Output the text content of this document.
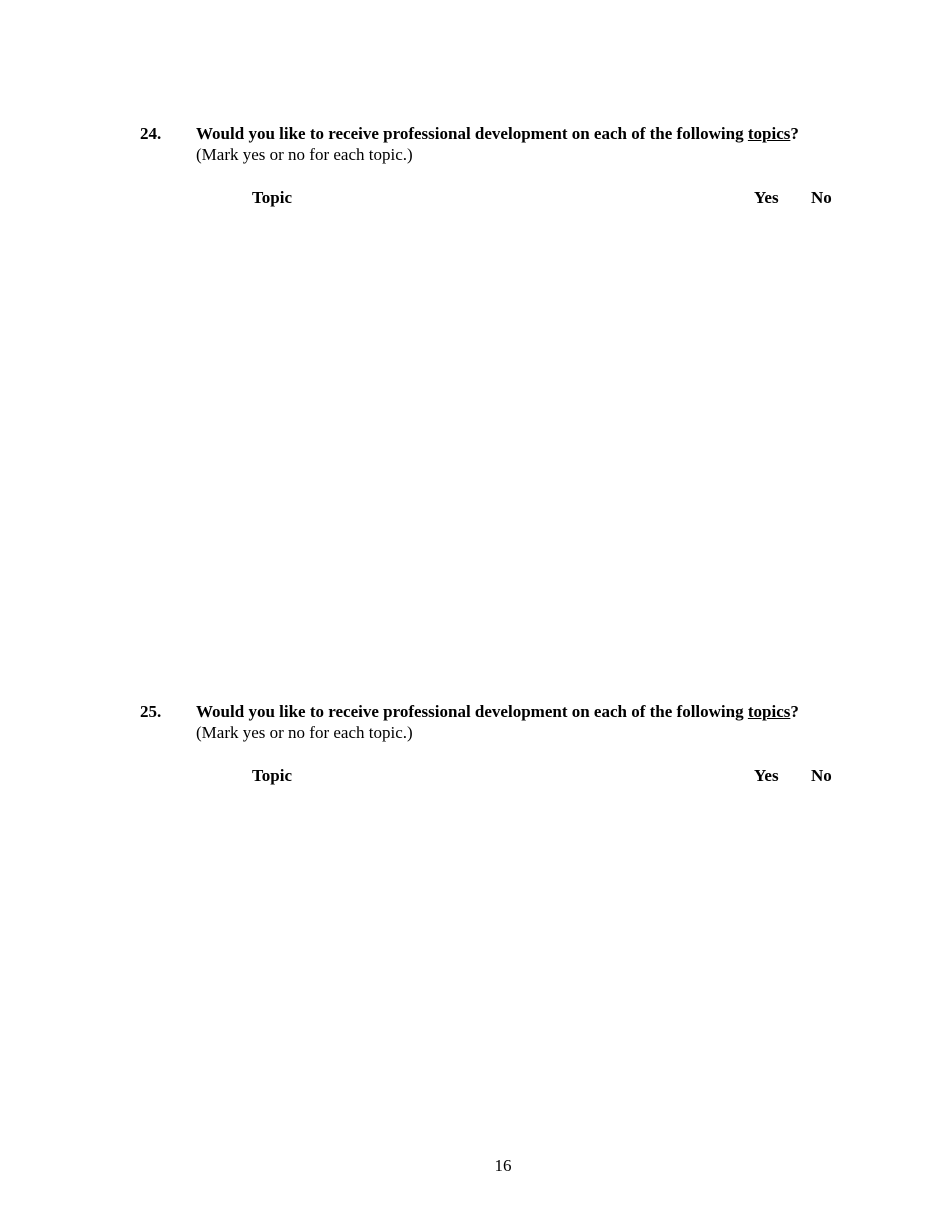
24. Would you like to receive professional development on each of the following topics?
(Mark yes or no for each topic.)
Topic	Yes No
25. Would you like to receive professional development on each of the following topics?
(Mark yes or no for each topic.)
Topic	Yes No
16
